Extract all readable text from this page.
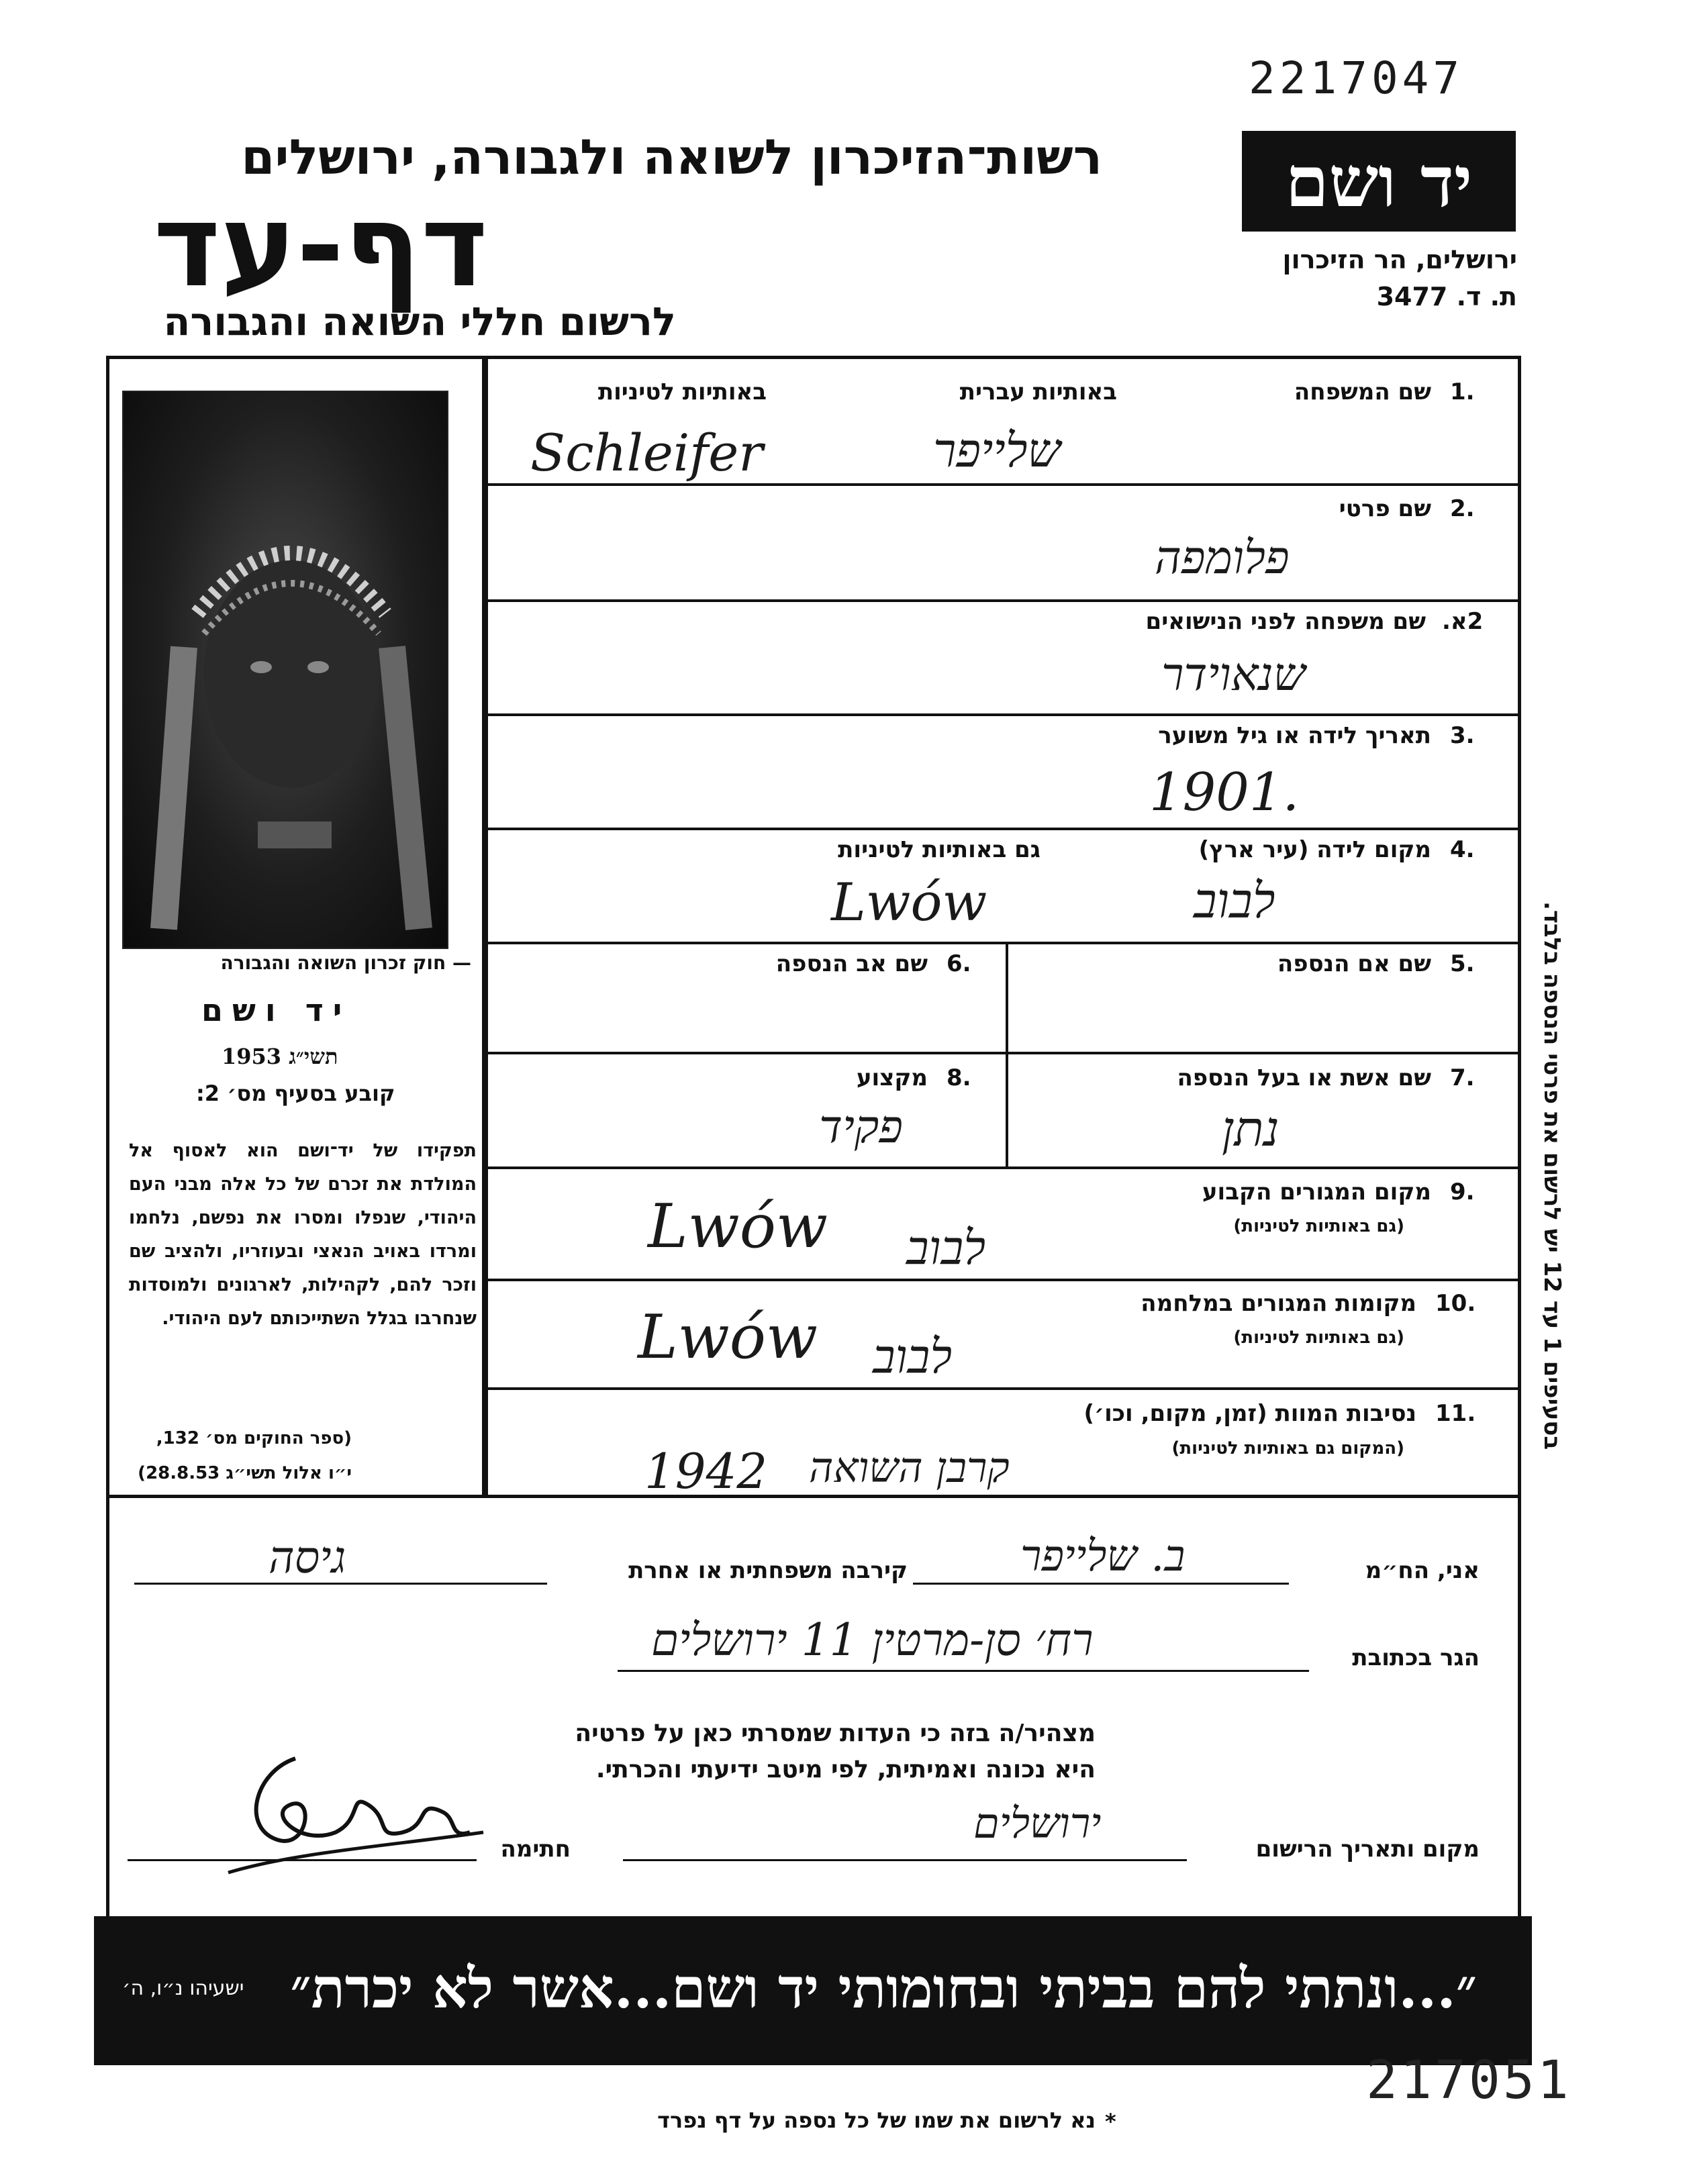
2217047
יד ושם
ירושלים, הר הזיכרון
ת. ד. 3477
רשות־הזיכרון לשואה ולגבורה, ירושלים
דף-עד
לרשום חללי השואה והגבורה
— חוק זכרון השואה והגבורה
יד ושם
תשי״ג 1953
קובע בסעיף מס׳ 2:
תפקידו של יד־ושם הוא לאסוף אל המולדת את זכרם של כל אלה מבני העם היהודי, שנפלו ומסרו את נפשם, נלחמו ומרדו באויב הנאצי ובעוזריו, ולהציב שם וזכר להם, לקהילות, לארגונים ולמוסדות שנחרבו בגלל השתייכותם לעם היהודי.
(ספר החוקים מס׳ 132,
י״ו אלול תשי״ג 28.8.53)
בסעיפים 1 עד 12 יש לרשום את פרטי הנספה בלבד.
1.
שם המשפחה
באותיות עברית
באותיות לטיניות
שלייפר
Schleifer
2.
שם פרטי
פלומפה
2א.
שם משפחה לפני הנישואים
שנאוידר
3.
תאריך לידה או גיל משוער
1901.
4.
מקום לידה (עיר ארץ)
גם באותיות לטיניות
לבוב
Lwów
5.
שם אם הנספה
6.
שם אב הנספה
7.
שם אשת או בעל הנספה
נתן
8.
מקצוע
פקיד
9.
מקום המגורים הקבוע
(גם באותיות לטיניות)
לבוב
Lwów
10.
מקומות המגורים במלחמה
(גם באותיות לטיניות)
לבוב
Lwów
11.
נסיבות המוות (זמן, מקום, וכו׳)
(המקום גם באותיות לטיניות)
קרבן השואה
1942
אני, הח״מ
ב. שלייפר
קירבה משפחתית או אחרת
גיסה
הגר בכתובת
רח׳ סן-מרטין 11 ירושלים
מצהיר/ה בזה כי העדות שמסרתי כאן על פרטיה
היא נכונה ואמיתית, לפי מיטב ידיעתי והכרתי.
מקום ותאריך הרישום
ירושלים
חתימה
״...ונתתי להם בביתי ובחומותי יד ושם...אשר לא יכרת״
ישעיהו נ״ו, ה׳
217051
נא לרשום את שמו של כל נספה על דף נפרד *
